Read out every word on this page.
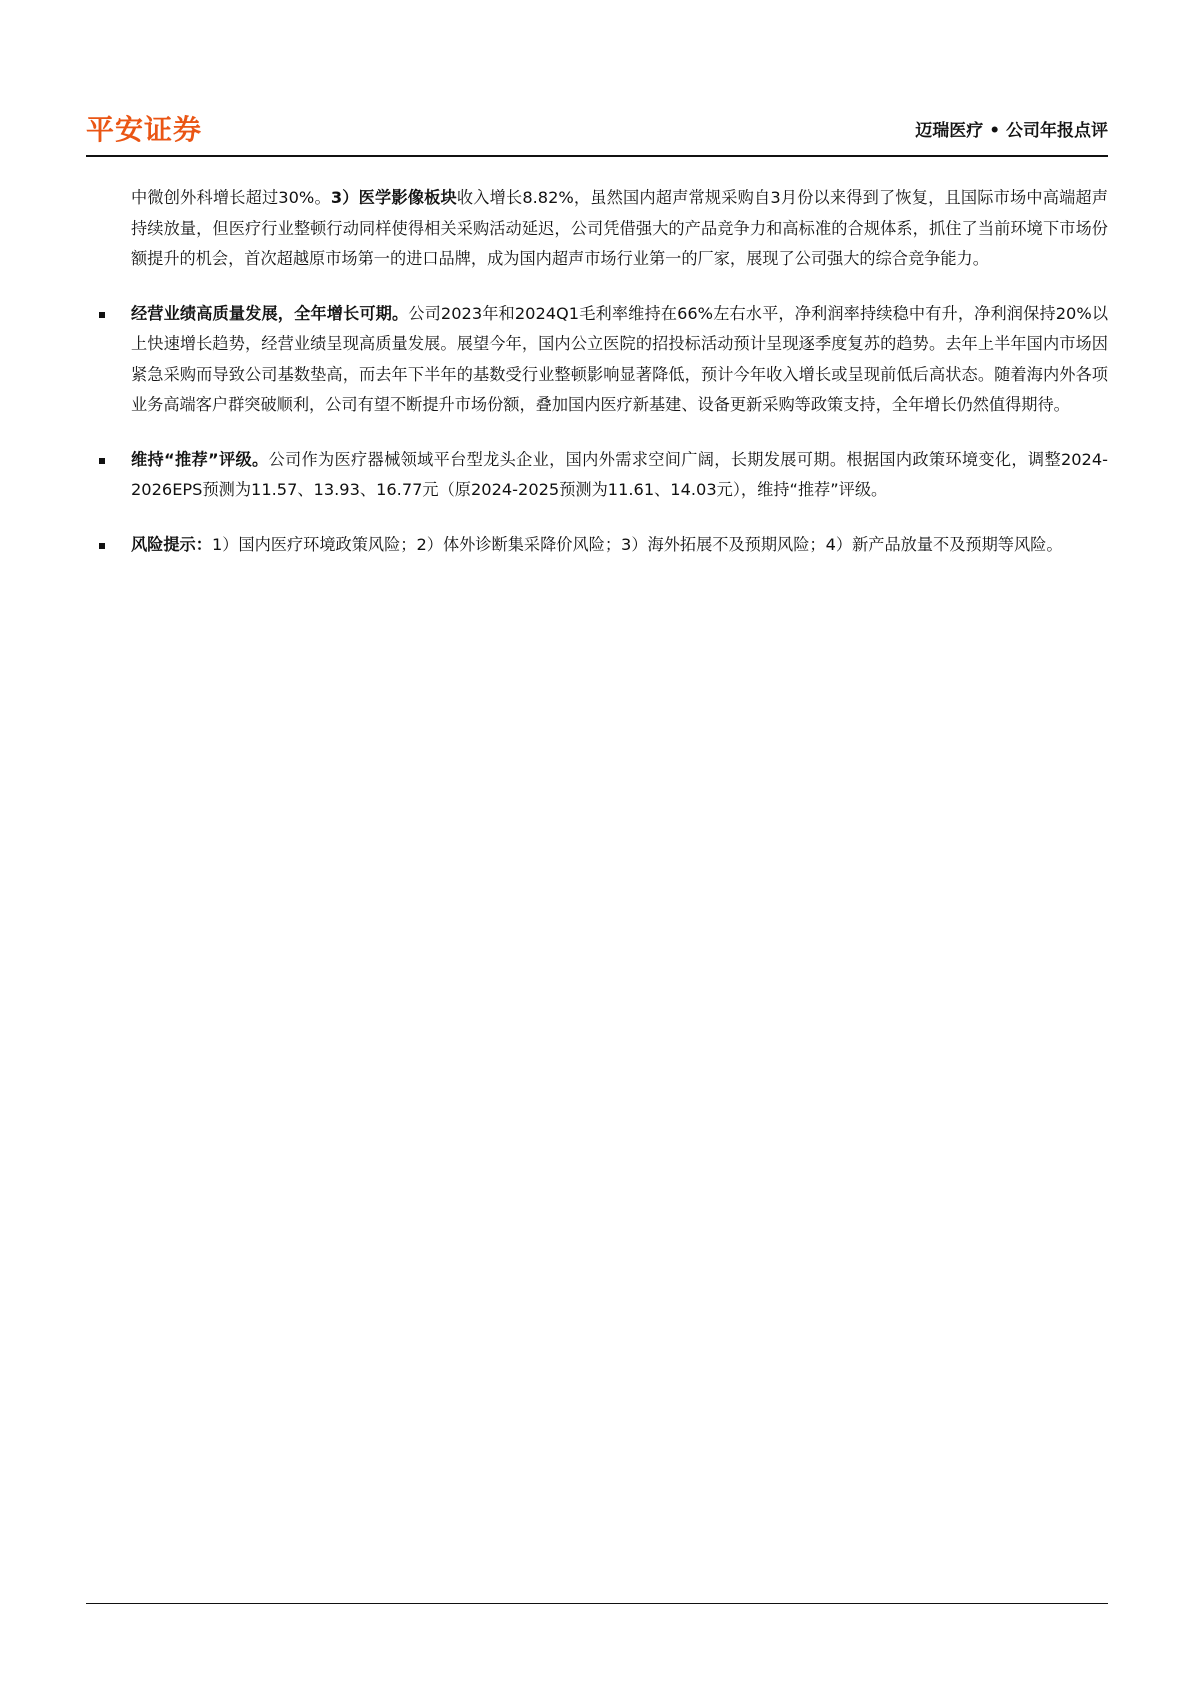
平安证券	迈瑞医疗 • 公司年报点评

中微创外科增长超过30%。3）医学影像板块收入增长8.82%，虽然国内超声常规采购自3月份以来得到了恢复，且国际市场中高端超声持续放量，但医疗行业整顿行动同样使得相关采购活动延迟，公司凭借强大的产品竞争力和高标准的合规体系，抓住了当前环境下市场份额提升的机会，首次超越原市场第一的进口品牌，成为国内超声市场行业第一的厂家，展现了公司强大的综合竞争能力。

经营业绩高质量发展，全年增长可期。公司2023年和2024Q1毛利率维持在66%左右水平，净利润率持续稳中有升，净利润保持20%以上快速增长趋势，经营业绩呈现高质量发展。展望今年，国内公立医院的招投标活动预计呈现逐季度复苏的趋势。去年上半年国内市场因紧急采购而导致公司基数垫高，而去年下半年的基数受行业整顿影响显著降低，预计今年收入增长或呈现前低后高状态。随着海内外各项业务高端客户群突破顺利，公司有望不断提升市场份额，叠加国内医疗新基建、设备更新采购等政策支持，全年增长仍然值得期待。

维持“推荐”评级。公司作为医疗器械领域平台型龙头企业，国内外需求空间广阔，长期发展可期。根据国内政策环境变化，调整2024-2026EPS预测为11.57、13.93、16.77元（原2024-2025预测为11.61、14.03元），维持“推荐”评级。

风险提示：1）国内医疗环境政策风险；2）体外诊断集采降价风险；3）海外拓展不及预期风险；4）新产品放量不及预期等风险。
